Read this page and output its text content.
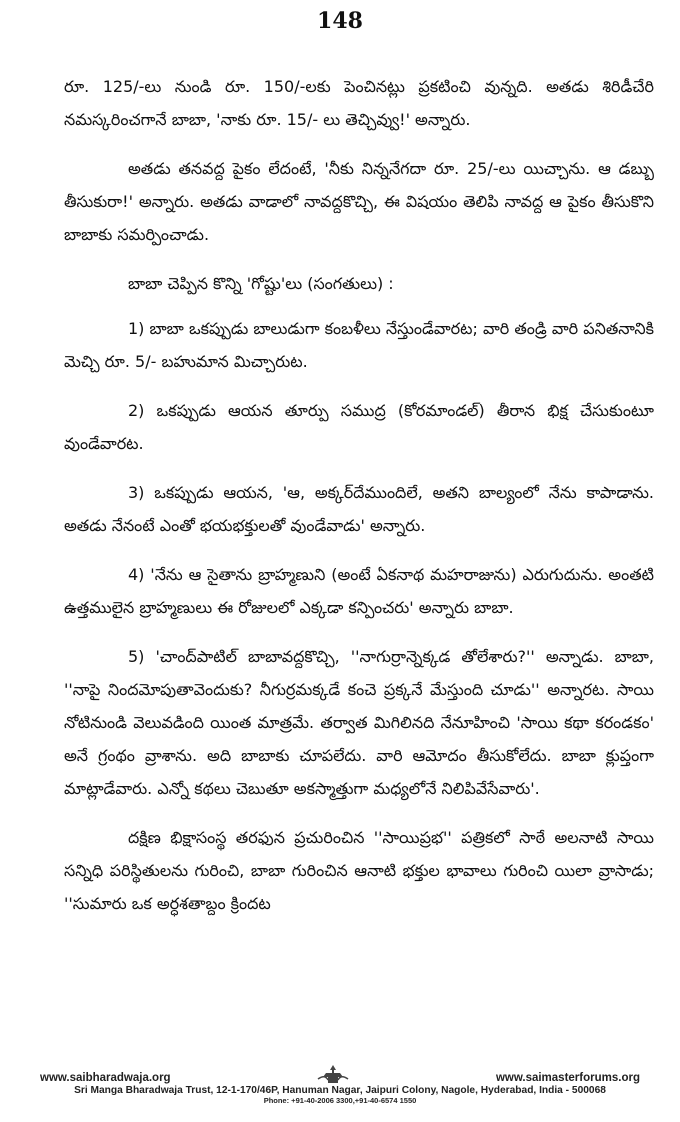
148

రూ. 125/-లు నుండి రూ. 150/-లకు పెంచినట్లు ప్రకటించి వున్నది. అతడు శిరిడీచేరి నమస్కరించగానే బాబా, 'నాకు రూ. 15/- లు తెచ్చివ్వు!' అన్నారు.

అతడు తనవద్ద పైకం లేదంటే, 'నీకు నిన్ననేగదా రూ. 25/-లు యిచ్చాను. ఆ డబ్బు తీసుకురా!' అన్నారు. అతడు వాడాలో నావద్దకొచ్చి, ఈ విషయం తెలిపి నావద్ద ఆ పైకం తీసుకొని బాబాకు సమర్పించాడు.

బాబా చెప్పిన కొన్ని 'గోష్టు'లు (సంగతులు) :

1) బాబా ఒకప్పుడు బాలుడుగా కంబళీలు నేస్తుండేవారట; వారి తండ్రి వారి పనితనానికి మెచ్చి రూ. 5/- బహుమాన మిచ్చారుట.

2) ఒకప్పుడు ఆయన తూర్పు సముద్ర (కోరమాండల్) తీరాన భిక్ష చేసుకుంటూ వుండేవారట.

3) ఒకప్పుడు ఆయన, 'ఆ, అక్కర్‌దేముందిలే, అతని బాల్యంలో నేను కాపాడాను. అతడు నేనంటే ఎంతో భయభక్తులతో వుండేవాడు' అన్నారు.

4) 'నేను ఆ సైతాను బ్రాహ్మణుని (అంటే ఏకనాథ మహరాజును) ఎరుగుదును. అంతటి ఉత్తములైన బ్రాహ్మణులు ఈ రోజులలో ఎక్కడా కన్పించరు' అన్నారు బాబా.

5) 'చాంద్‌పాటిల్ బాబావద్దకొచ్చి, ''నాగుర్రాన్నెక్కడ తోలేశారు?'' అన్నాడు. బాబా, ''నాపై నిందమోపుతావెందుకు? నీగుర్రమక్కడే కంచె ప్రక్కనే మేస్తుంది చూడు'' అన్నారట. సాయి నోటినుండి వెలువడింది యింత మాత్రమే. తర్వాత మిగిలినది నేనూహించి 'సాయి కథా కరండకం' అనే గ్రంథం వ్రాశాను. అది బాబాకు చూపలేదు. వారి ఆమోదం తీసుకోలేదు. బాబా క్లుప్తంగా మాట్లాడేవారు. ఎన్నో కథలు చెబుతూ అకస్మాత్తుగా మధ్యలోనే నిలిపివేసేవారు'.

దక్షిణ భిక్షాసంస్థ తరఫున ప్రచురించిన ''సాయిప్రభ'' పత్రికలో సాఠే అలనాటి సాయి సన్నిధి పరిస్థితులను గురించి, బాబా గురించిన ఆనాటి భక్తుల భావాలు గురించి యిలా వ్రాసాడు; ''సుమారు ఒక అర్ధశతాబ్దం క్రిందట

www.saibharadwaja.org	www.saimasterforums.org
Sri Manga Bharadwaja Trust, 12-1-170/46P, Hanuman Nagar, Jaipuri Colony, Nagole, Hyderabad, India - 500068
Phone: +91-40-2006 3300,+91-40-6574 1550
